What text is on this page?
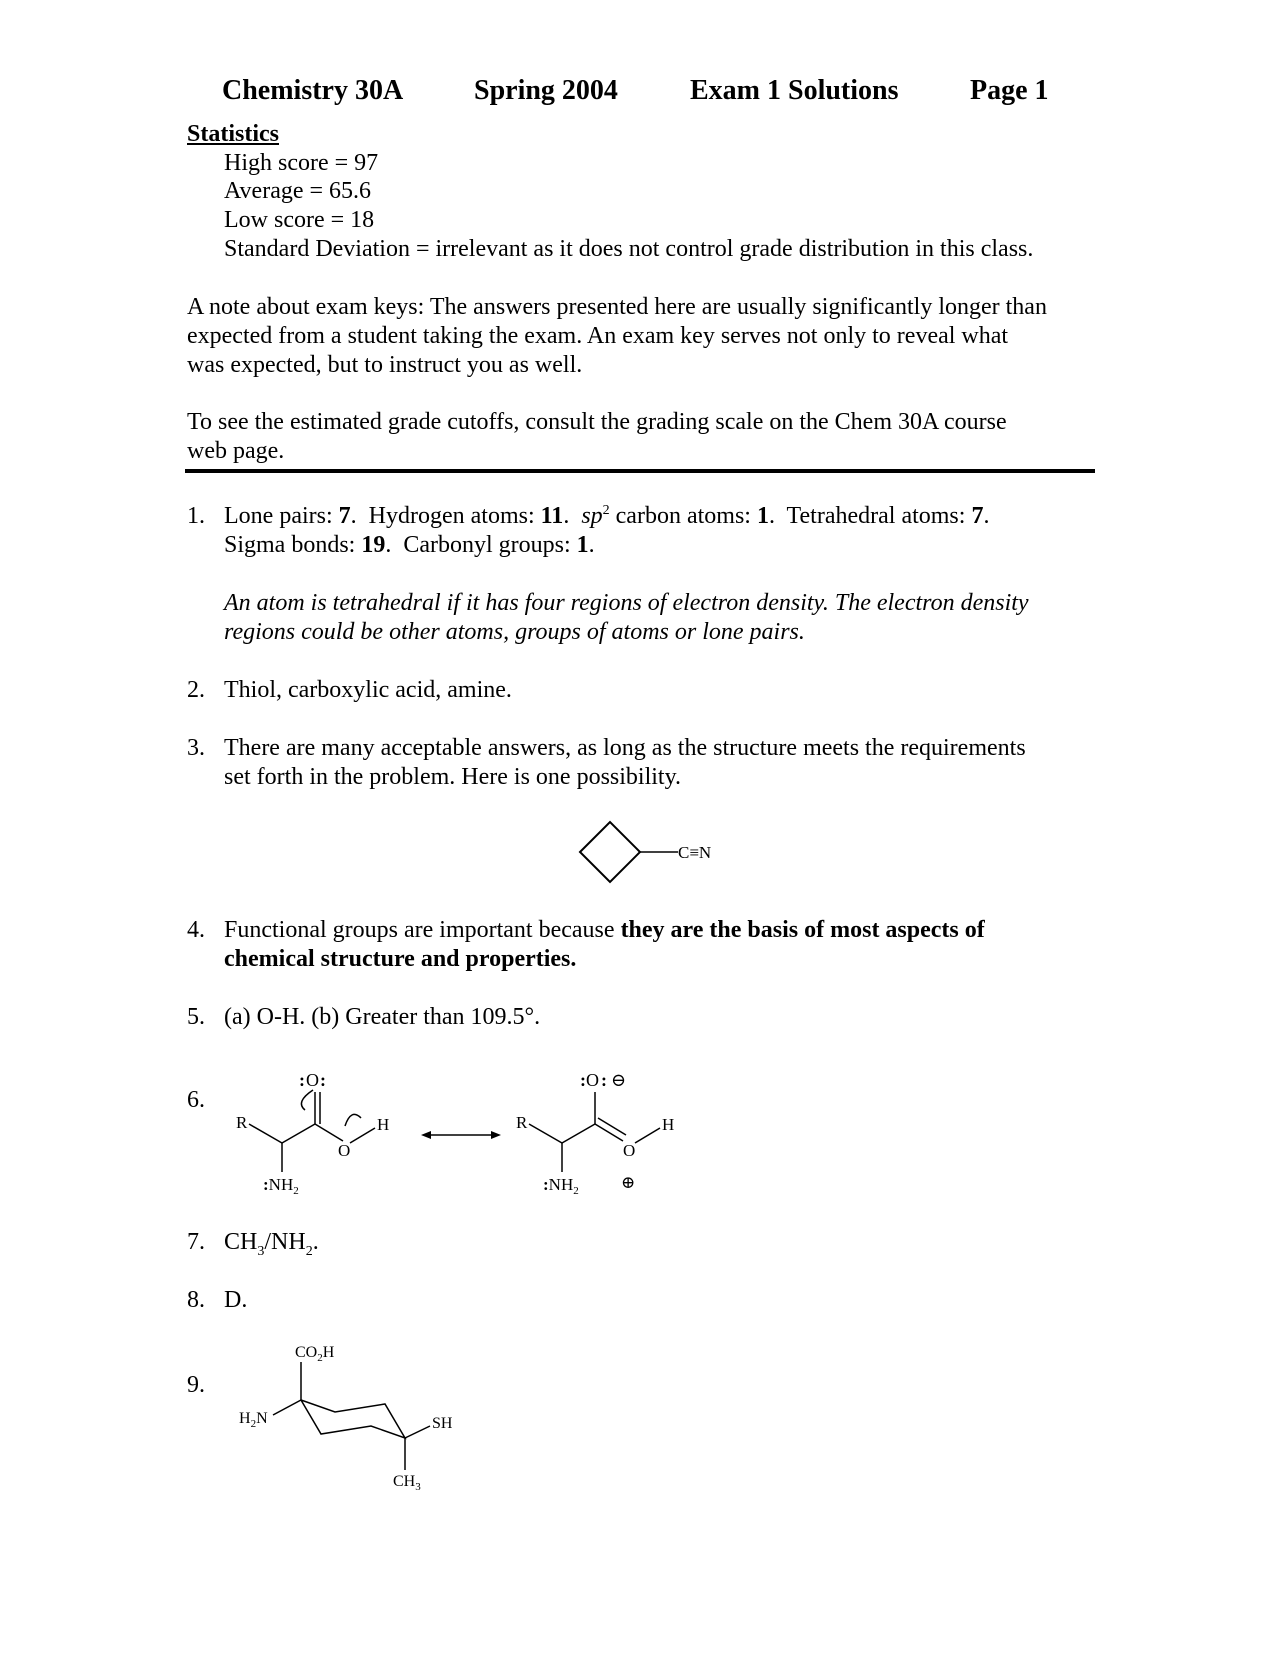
Chemistry 30A	Spring 2004	Exam 1 Solutions	Page 1
Statistics
High score = 97
Average = 65.6
Low score = 18
Standard Deviation = irrelevant as it does not control grade distribution in this class.
A note about exam keys: The answers presented here are usually significantly longer than
expected from a student taking the exam. An exam key serves not only to reveal what
was expected, but to instruct you as well.
To see the estimated grade cutoffs, consult the grading scale on the Chem 30A course
web page.
1. Lone pairs: 7.  Hydrogen atoms: 11.  $sp^2$ carbon atoms: 1.  Tetrahedral atoms: 7.
Sigma bonds: 19.  Carbonyl groups: 1.
An atom is tetrahedral if it has four regions of electron density. The electron density
regions could be other atoms, groups of atoms or lone pairs.
2. Thiol, carboxylic acid, amine.
3. There are many acceptable answers, as long as the structure meets the requirements
set forth in the problem. Here is one possibility.
C≡N
4. Functional groups are important because they are the basis of most aspects of
chemical structure and properties.
5. (a) O-H. (b) Greater than 109.5°.
6.
R
O
: :
O
H
$:NH_2$
R
O
: : ⊖
O
⊕
H
$:NH_2$
7. $CH_3/NH_2$.
8. D.
9.
$CO_2H$
$H_2N$	SH
$CH_3$
